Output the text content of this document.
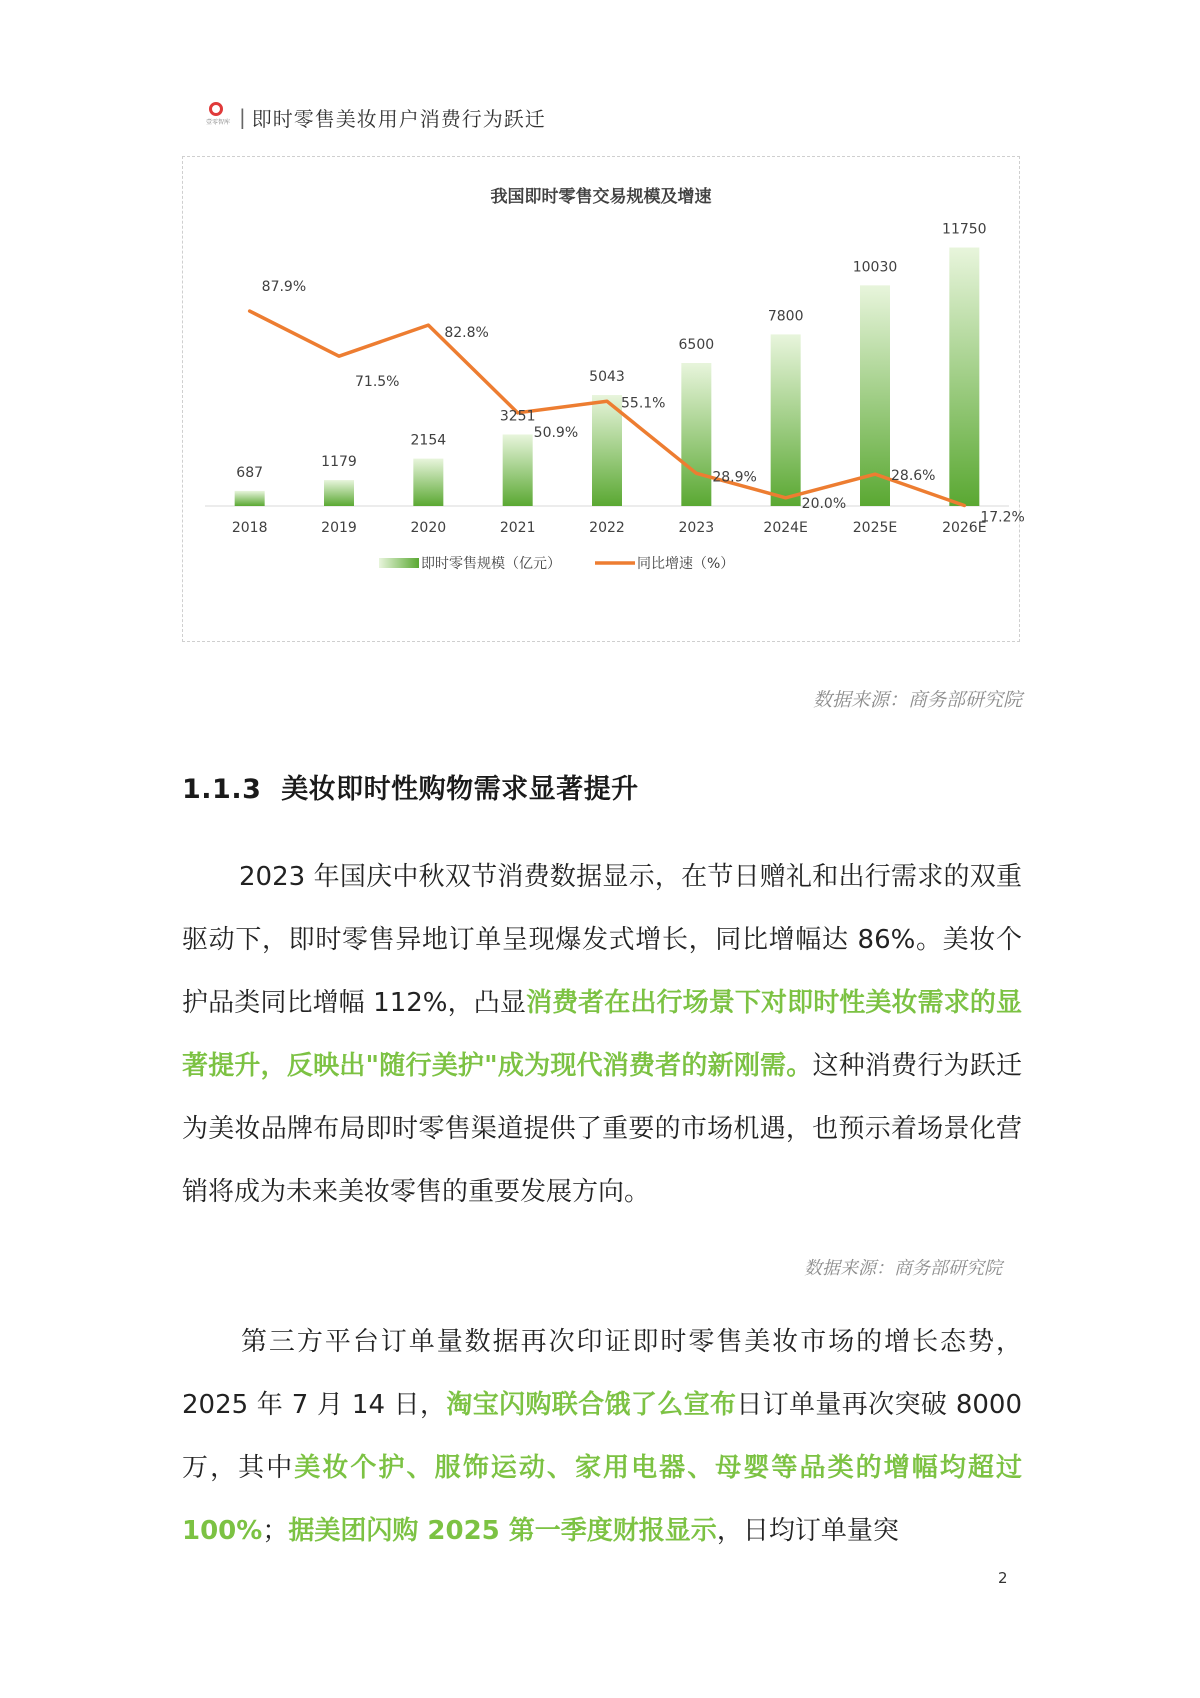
壹零智库 | 即时零售美妆用户消费行为跃迁
我国即时零售交易规模及增速
687
2018
1179
2019
2154
2020
3251
2021
5043
2022
6500
2023
7800
2024E
10030
2025E
11750
2026E
87.9%
71.5%
82.8%
50.9%
55.1%
28.9%
20.0%
28.6%
17.2%
即时零售规模（亿元）	同比增速（%）
数据来源：商务部研究院
1.1.3 美妆即时性购物需求显著提升

2023 年国庆中秋双节消费数据显示，在节日赠礼和出行需求的双重驱动下，即时零售异地订单呈现爆发式增长，同比增幅达 86%。美妆个护品类同比增幅 112%，凸显消费者在出行场景下对即时性美妆需求的显著提升，反映出"随行美护"成为现代消费者的新刚需。这种消费行为跃迁为美妆品牌布局即时零售渠道提供了重要的市场机遇，也预示着场景化营销将成为未来美妆零售的重要发展方向。

数据来源：商务部研究院

第三方平台订单量数据再次印证即时零售美妆市场的增长态势，2025 年 7 月 14 日，淘宝闪购联合饿了么宣布日订单量再次突破 8000 万，其中美妆个护、服饰运动、家用电器、母婴等品类的增幅均超过 100%；据美团闪购 2025 第一季度财报显示，日均订单量突

2
